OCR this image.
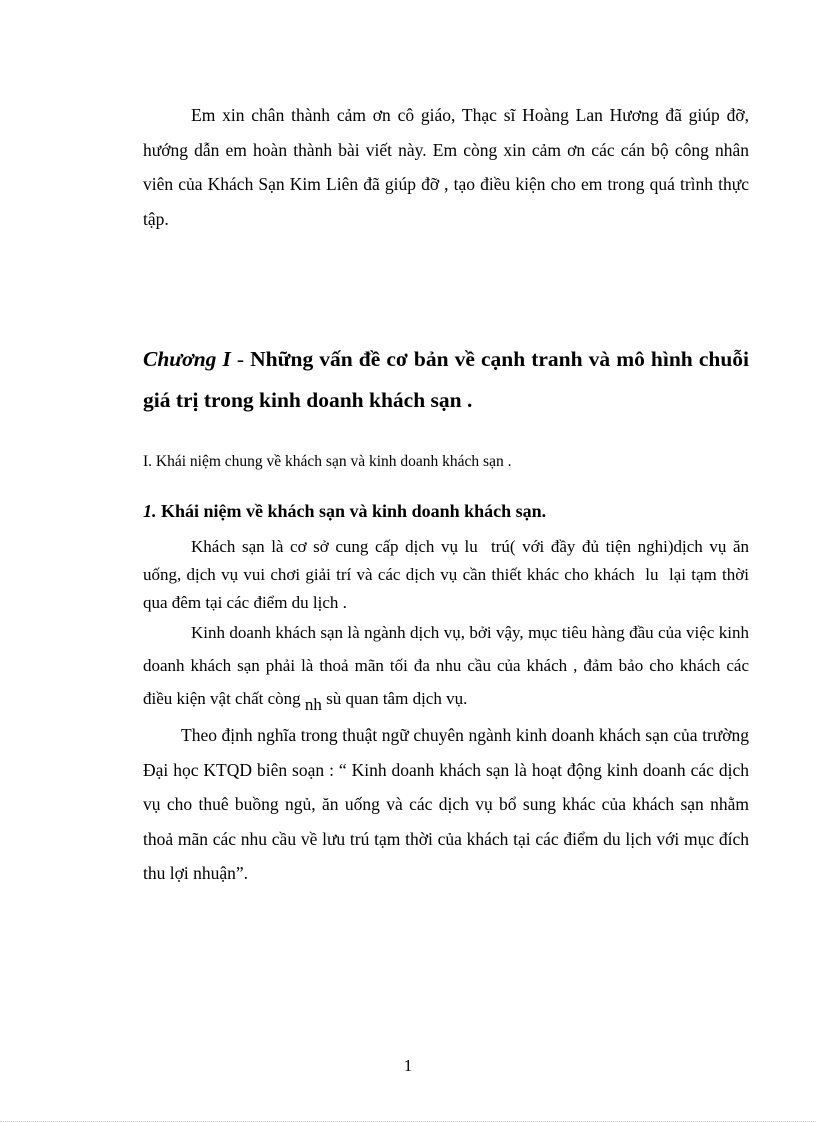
Em xin chân thành cảm ơn cô giáo, Thạc sĩ Hoàng Lan Hương đã giúp đỡ, hướng dẫn em hoàn thành bài viết này. Em còng xin cảm ơn các cán bộ công nhân viên của Khách Sạn Kim Liên đã giúp đỡ , tạo điều kiện cho em trong quá trình thực tập.

Chương I - Những vấn đề cơ bản về cạnh tranh và mô hình chuỗi giá trị trong kinh doanh khách sạn .
I. Khái niệm chung về khách sạn và kinh doanh khách sạn .
1. Khái niệm về khách sạn và kinh doanh khách sạn.

Khách sạn là cơ sở cung cấp dịch vụ lu  trú( với đầy đủ tiện nghi)dịch vụ ăn uống, dịch vụ vui chơi giải trí và các dịch vụ cần thiết khác cho khách  lu  lại tạm thời qua đêm tại các điểm du lịch .

Kinh doanh khách sạn là ngành dịch vụ, bởi vậy, mục tiêu hàng đầu của việc kinh doanh khách sạn phải là thoả mãn tối đa nhu cầu của khách , đảm bảo cho khách các điều kiện vật chất còng nh sù quan tâm dịch vụ.

Theo định nghĩa trong thuật ngữ chuyên ngành kinh doanh khách sạn của trường Đại học KTQD biên soạn : “ Kinh doanh khách sạn là hoạt động kinh doanh các dịch vụ cho thuê buồng ngủ, ăn uống và các dịch vụ bổ sung khác của khách sạn nhằm thoả mãn các nhu cầu về lưu trú tạm thời của khách tại các điểm du lịch với mục đích thu lợi nhuận”.

1
